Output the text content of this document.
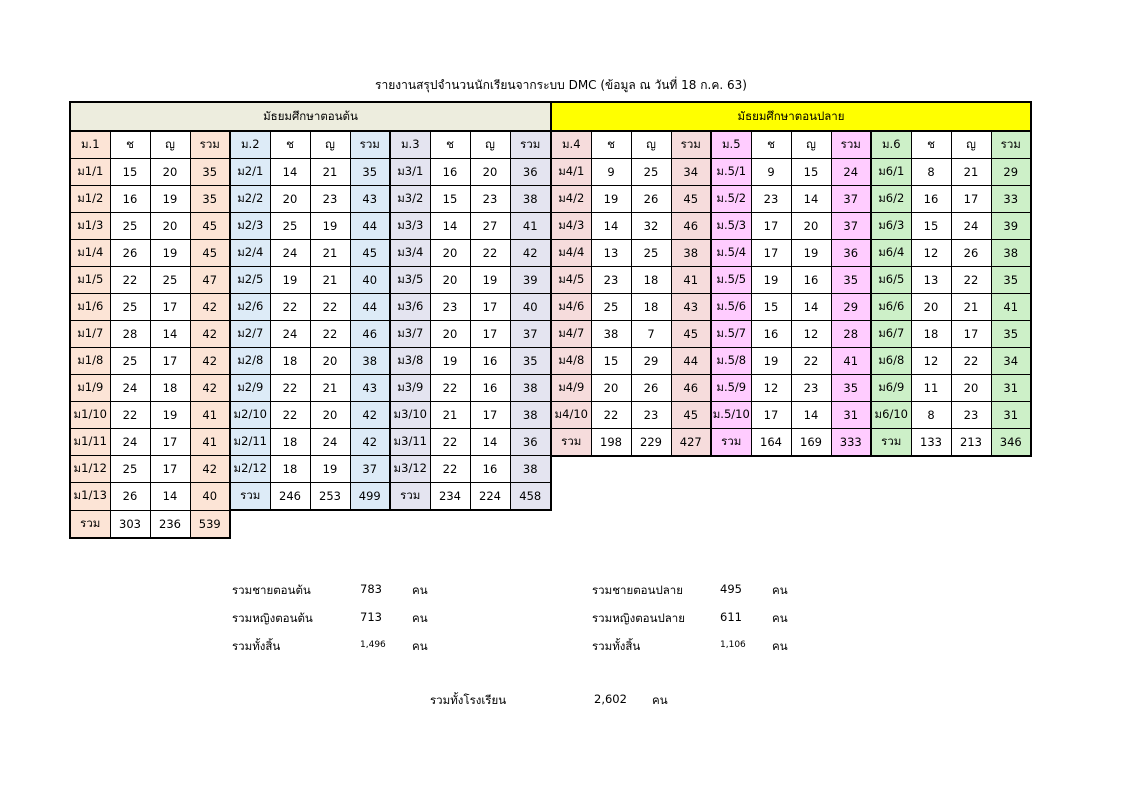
รายงานสรุปจำนวนนักเรียนจากระบบ DMC (ข้อมูล ณ วันที่ 18 ก.ค. 63)
มัธยมศึกษาตอนต้น											
ม.1	ช	ญ	รวม	ม.2	ช	ญ	รวม	ม.3	ช	ญ	รวม
ม1/1	15	20	35	ม2/1	14	21	35	ม3/1	16	20	36
ม1/2	16	19	35	ม2/2	20	23	43	ม3/2	15	23	38
ม1/3	25	20	45	ม2/3	25	19	44	ม3/3	14	27	41
ม1/4	26	19	45	ม2/4	24	21	45	ม3/4	20	22	42
ม1/5	22	25	47	ม2/5	19	21	40	ม3/5	20	19	39
ม1/6	25	17	42	ม2/6	22	22	44	ม3/6	23	17	40
ม1/7	28	14	42	ม2/7	24	22	46	ม3/7	20	17	37
ม1/8	25	17	42	ม2/8	18	20	38	ม3/8	19	16	35
ม1/9	24	18	42	ม2/9	22	21	43	ม3/9	22	16	38
ม1/10	22	19	41	ม2/10	22	20	42	ม3/10	21	17	38
ม1/11	24	17	41	ม2/11	18	24	42	ม3/11	22	14	36
ม1/12	25	17	42	ม2/12	18	19	37	ม3/12	22	16	38
ม1/13	26	14	40	รวม	246	253	499	รวม	234	224	458
รวม	303	236	539								
มัธยมศึกษาตอนปลาย											
ม.4	ช	ญ	รวม	ม.5	ช	ญ	รวม	ม.6	ช	ญ	รวม
ม4/1	9	25	34	ม.5/1	9	15	24	ม6/1	8	21	29
ม4/2	19	26	45	ม.5/2	23	14	37	ม6/2	16	17	33
ม4/3	14	32	46	ม.5/3	17	20	37	ม6/3	15	24	39
ม4/4	13	25	38	ม.5/4	17	19	36	ม6/4	12	26	38
ม4/5	23	18	41	ม.5/5	19	16	35	ม6/5	13	22	35
ม4/6	25	18	43	ม.5/6	15	14	29	ม6/6	20	21	41
ม4/7	38	7	45	ม.5/7	16	12	28	ม6/7	18	17	35
ม4/8	15	29	44	ม.5/8	19	22	41	ม6/8	12	22	34
ม4/9	20	26	46	ม.5/9	12	23	35	ม6/9	11	20	31
ม4/10	22	23	45	ม.5/10	17	14	31	ม6/10	8	23	31
รวม	198	229	427	รวม	164	169	333	รวม	133	213	346
รวมชายตอนต้น	783	คน
รวมหญิงตอนต้น	713	คน
รวมทั้งสิ้น	1,496 คน
รวมชายตอนปลาย	495	คน
รวมหญิงตอนปลาย	611	คน
รวมทั้งสิ้น	1,106 คน
รวมทั้งโรงเรียน	2,602 คน
